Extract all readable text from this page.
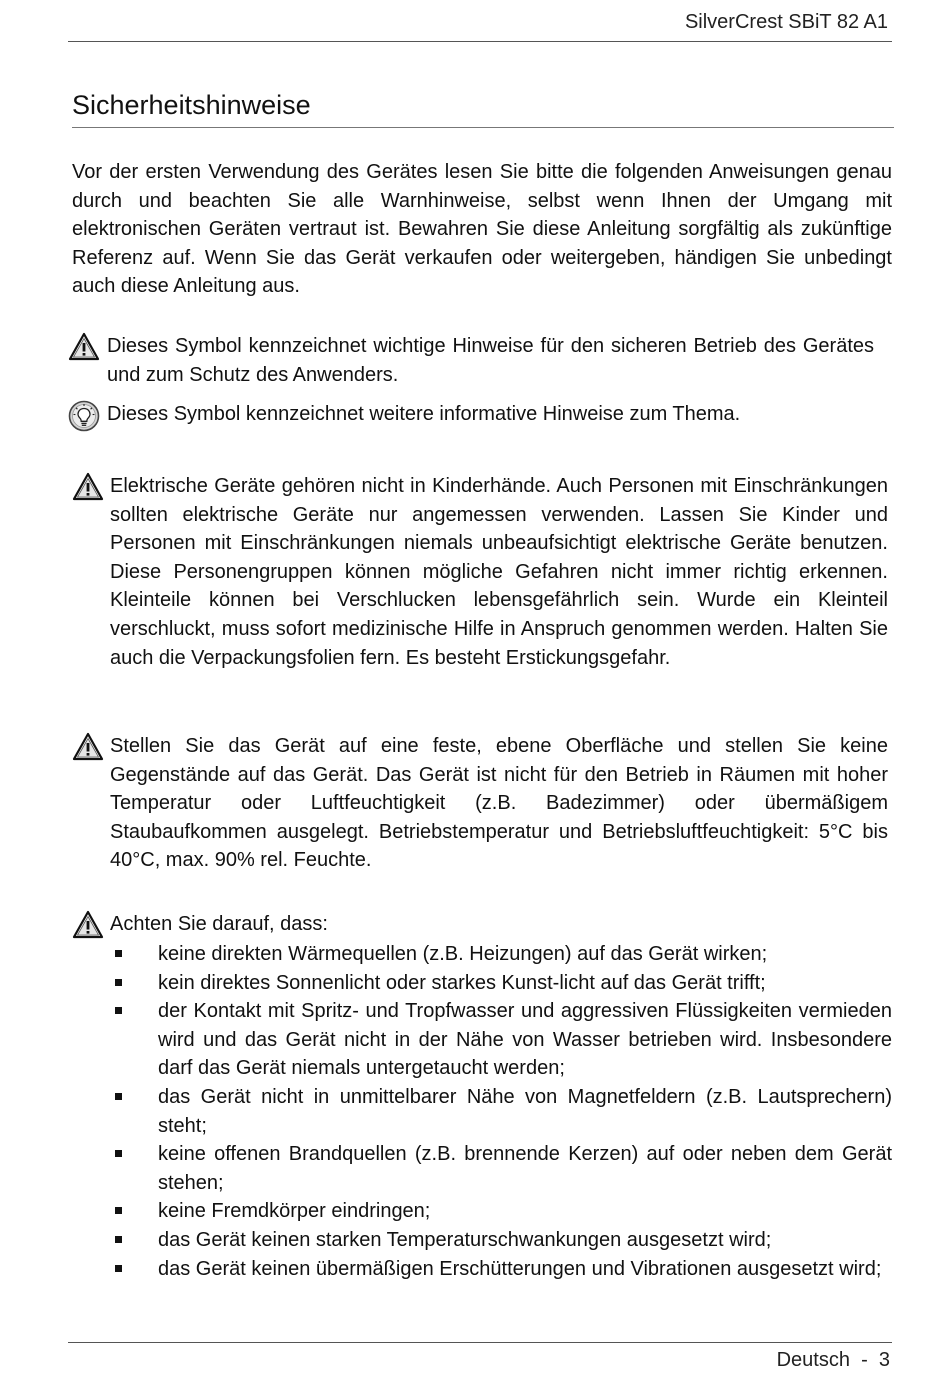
SilverCrest SBiT 82 A1
Sicherheitshinweise

Vor der ersten Verwendung des Gerätes lesen Sie bitte die folgenden Anweisungen genau durch und beachten Sie alle Warnhinweise, selbst wenn Ihnen der Umgang mit elektronischen Geräten vertraut ist. Bewahren Sie diese Anleitung sorgfältig als zukünftige Referenz auf. Wenn Sie das Gerät verkaufen oder weitergeben, händigen Sie unbedingt auch diese Anleitung aus.

Dieses Symbol kennzeichnet wichtige Hinweise für den sicheren Betrieb des Gerätes und zum Schutz des Anwenders.

Dieses Symbol kennzeichnet weitere informative Hinweise zum Thema.

Elektrische Geräte gehören nicht in Kinderhände. Auch Personen mit Einschränkungen sollten elektrische Geräte nur angemessen verwenden. Lassen Sie Kinder und Personen mit Einschränkungen niemals unbeaufsichtigt elektrische Geräte benutzen. Diese Personengruppen können mögliche Gefahren nicht immer richtig erkennen. Kleinteile können bei Verschlucken lebensgefährlich sein. Wurde ein Kleinteil verschluckt, muss sofort medizinische Hilfe in Anspruch genommen werden. Halten Sie auch die Verpackungsfolien fern. Es besteht Erstickungsgefahr.

Stellen Sie das Gerät auf eine feste, ebene Oberfläche und stellen Sie keine Gegenstände auf das Gerät. Das Gerät ist nicht für den Betrieb in Räumen mit hoher Temperatur oder Luftfeuchtigkeit (z.B. Badezimmer) oder übermäßigem Staubaufkommen ausgelegt. Betriebstemperatur und Betriebsluftfeuchtigkeit: 5°C bis 40°C, max. 90% rel. Feuchte.

Achten Sie darauf, dass:

keine direkten Wärmequellen (z.B. Heizungen) auf das Gerät wirken;
kein direktes Sonnenlicht oder starkes Kunst-licht auf das Gerät trifft;
der Kontakt mit Spritz- und Tropfwasser und aggressiven Flüssigkeiten vermieden wird und das Gerät nicht in der Nähe von Wasser betrieben wird. Insbesondere darf das Gerät niemals untergetaucht werden;
das Gerät nicht in unmittelbarer Nähe von Magnetfeldern (z.B. Lautsprechern) steht;
keine offenen Brandquellen (z.B. brennende Kerzen) auf oder neben dem Gerät stehen;
keine Fremdkörper eindringen;
das Gerät keinen starken Temperaturschwankungen ausgesetzt wird;
das Gerät keinen übermäßigen Erschütterungen und Vibrationen ausgesetzt wird;
Deutsch  -  3
